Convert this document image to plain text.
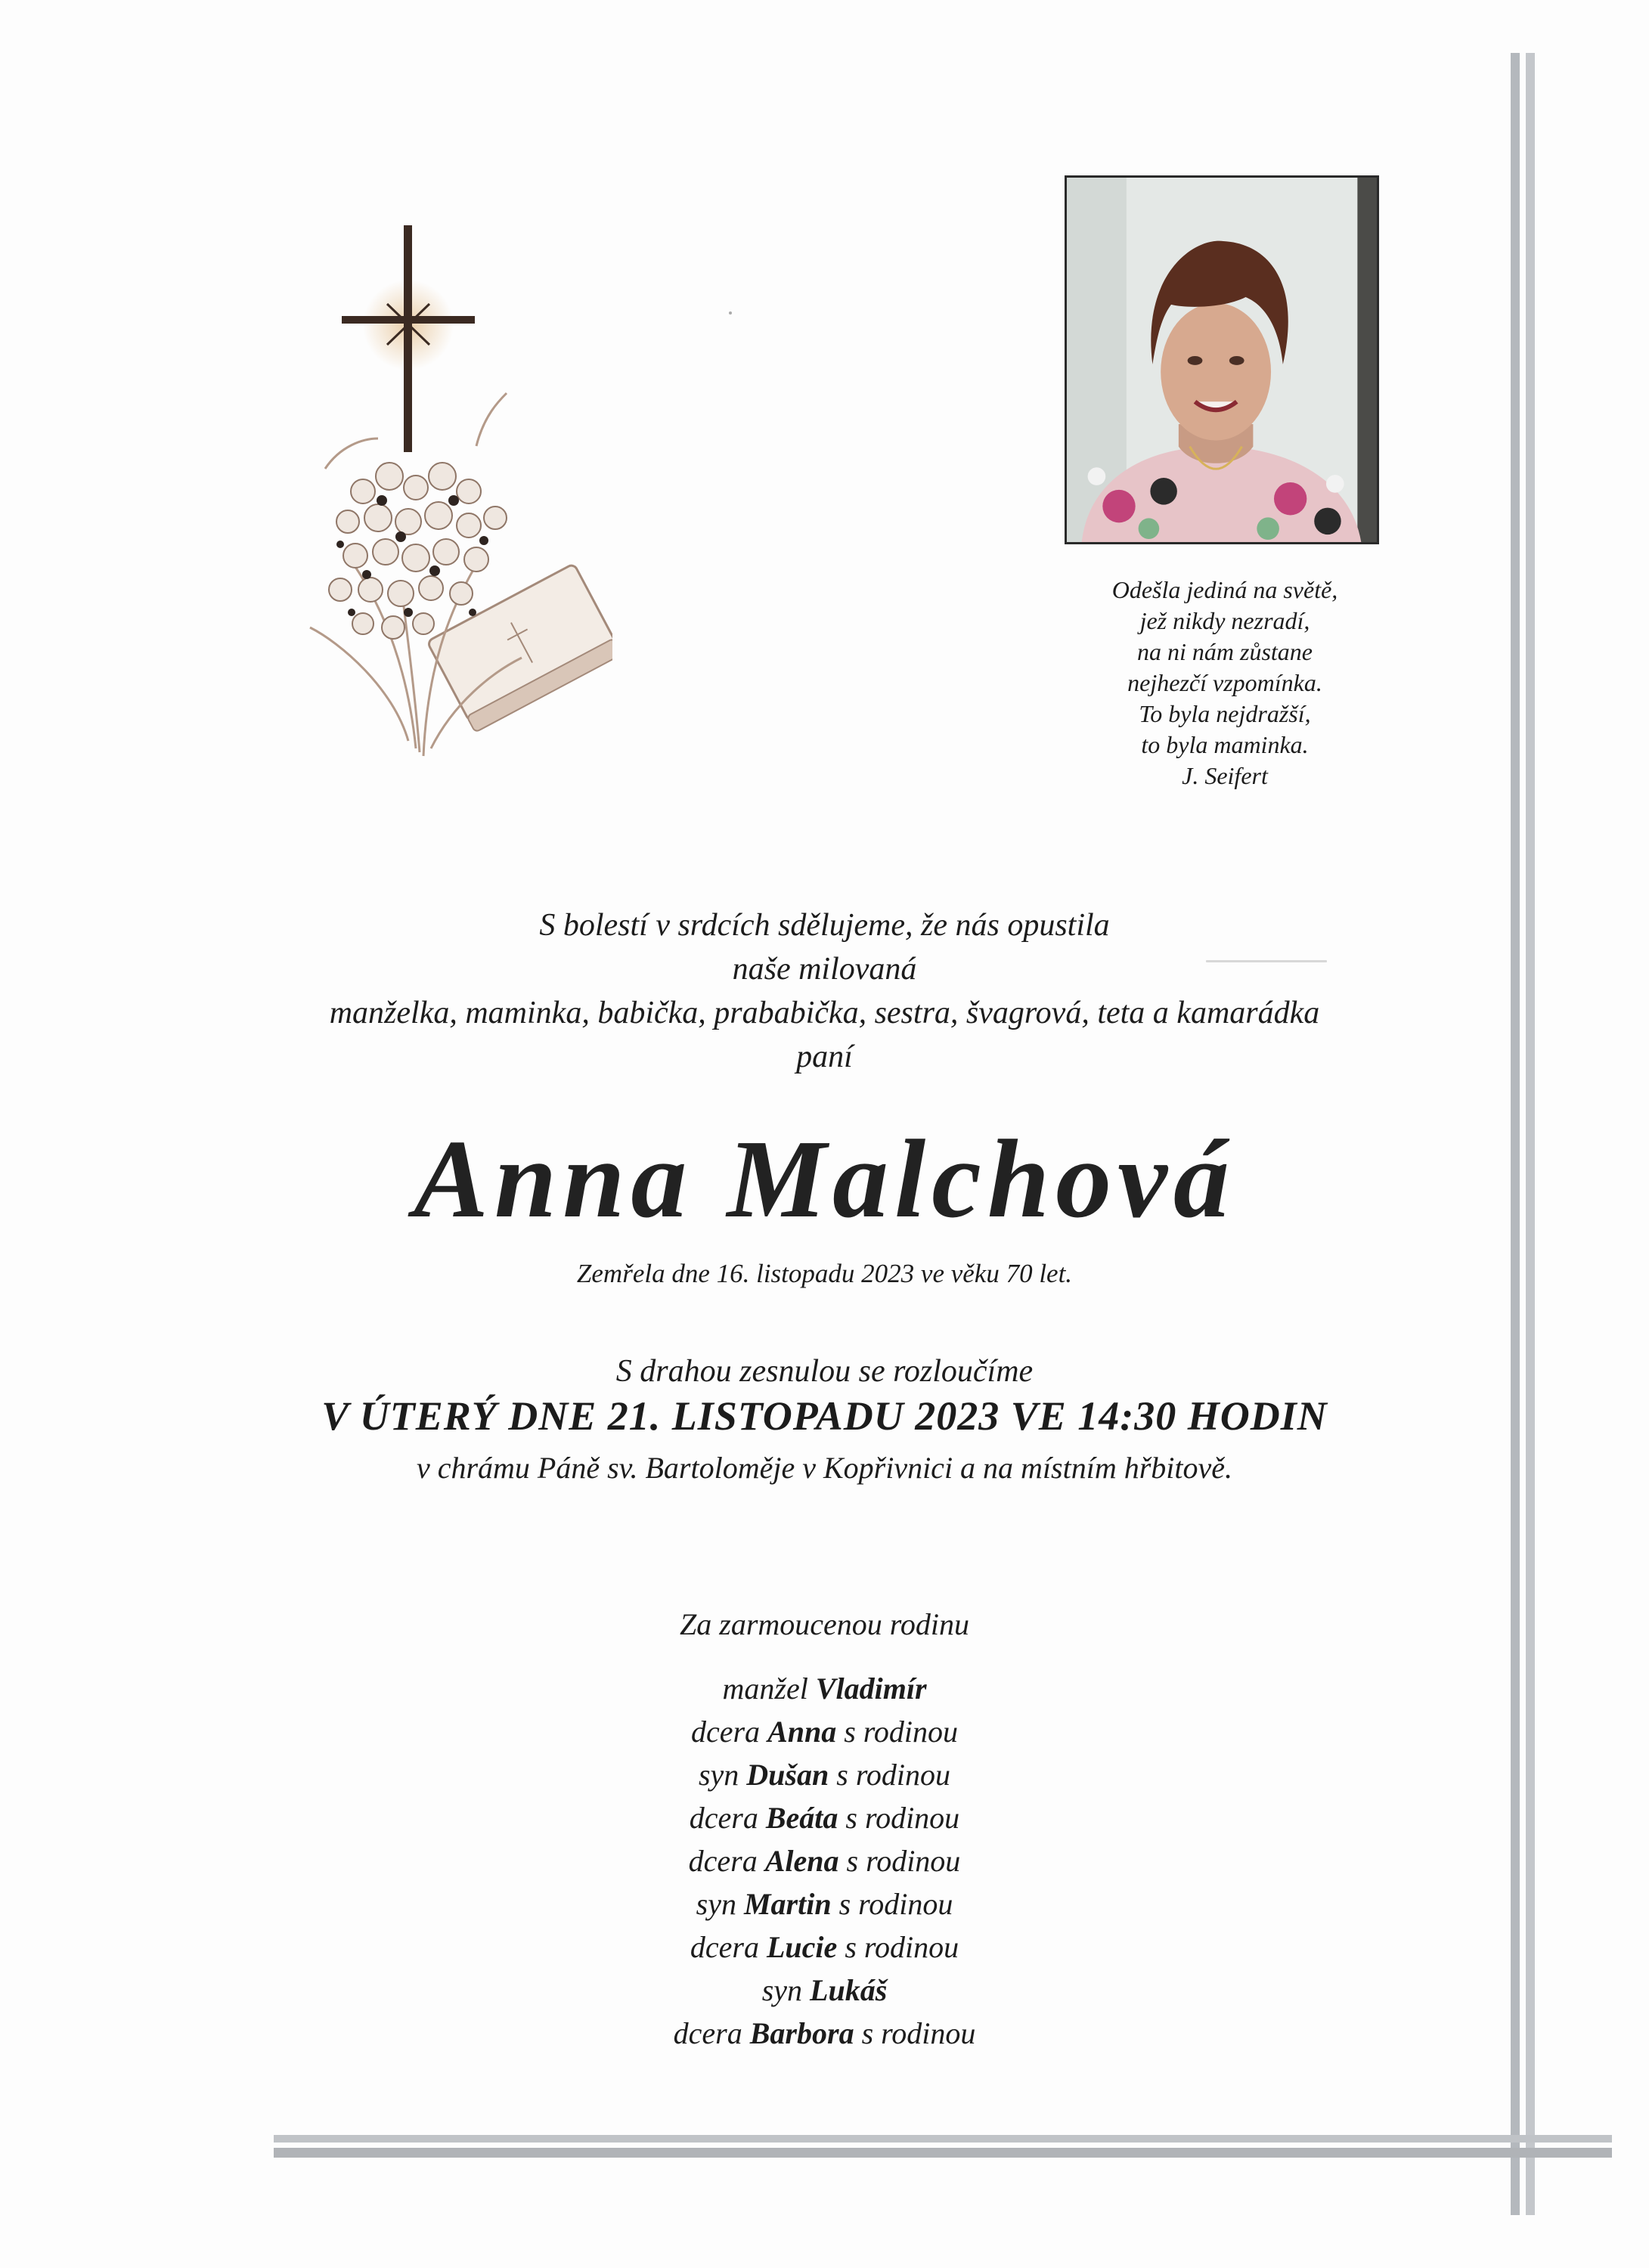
Odešla jediná na světě,
jež nikdy nezradí,
na ni nám zůstane
nejhezčí vzpomínka.
To byla nejdražší,
to byla maminka.
J. Seifert
S bolestí v srdcích sdělujeme, že nás opustila
naše milovaná
manželka, maminka, babička, prababička, sestra, švagrová, teta a kamarádka
paní
Anna Malchová
Zemřela dne 16. listopadu 2023 ve věku 70 let.
S drahou zesnulou se rozloučíme
V ÚTERÝ DNE 21. LISTOPADU 2023 VE 14:30 HODIN
v chrámu Páně sv. Bartoloměje v Kopřivnici a na místním hřbitově.
Za zarmoucenou rodinu
manžel Vladimír
dcera Anna s rodinou
syn Dušan s rodinou
dcera Beáta s rodinou
dcera Alena s rodinou
syn Martin s rodinou
dcera Lucie s rodinou
syn Lukáš
dcera Barbora s rodinou
